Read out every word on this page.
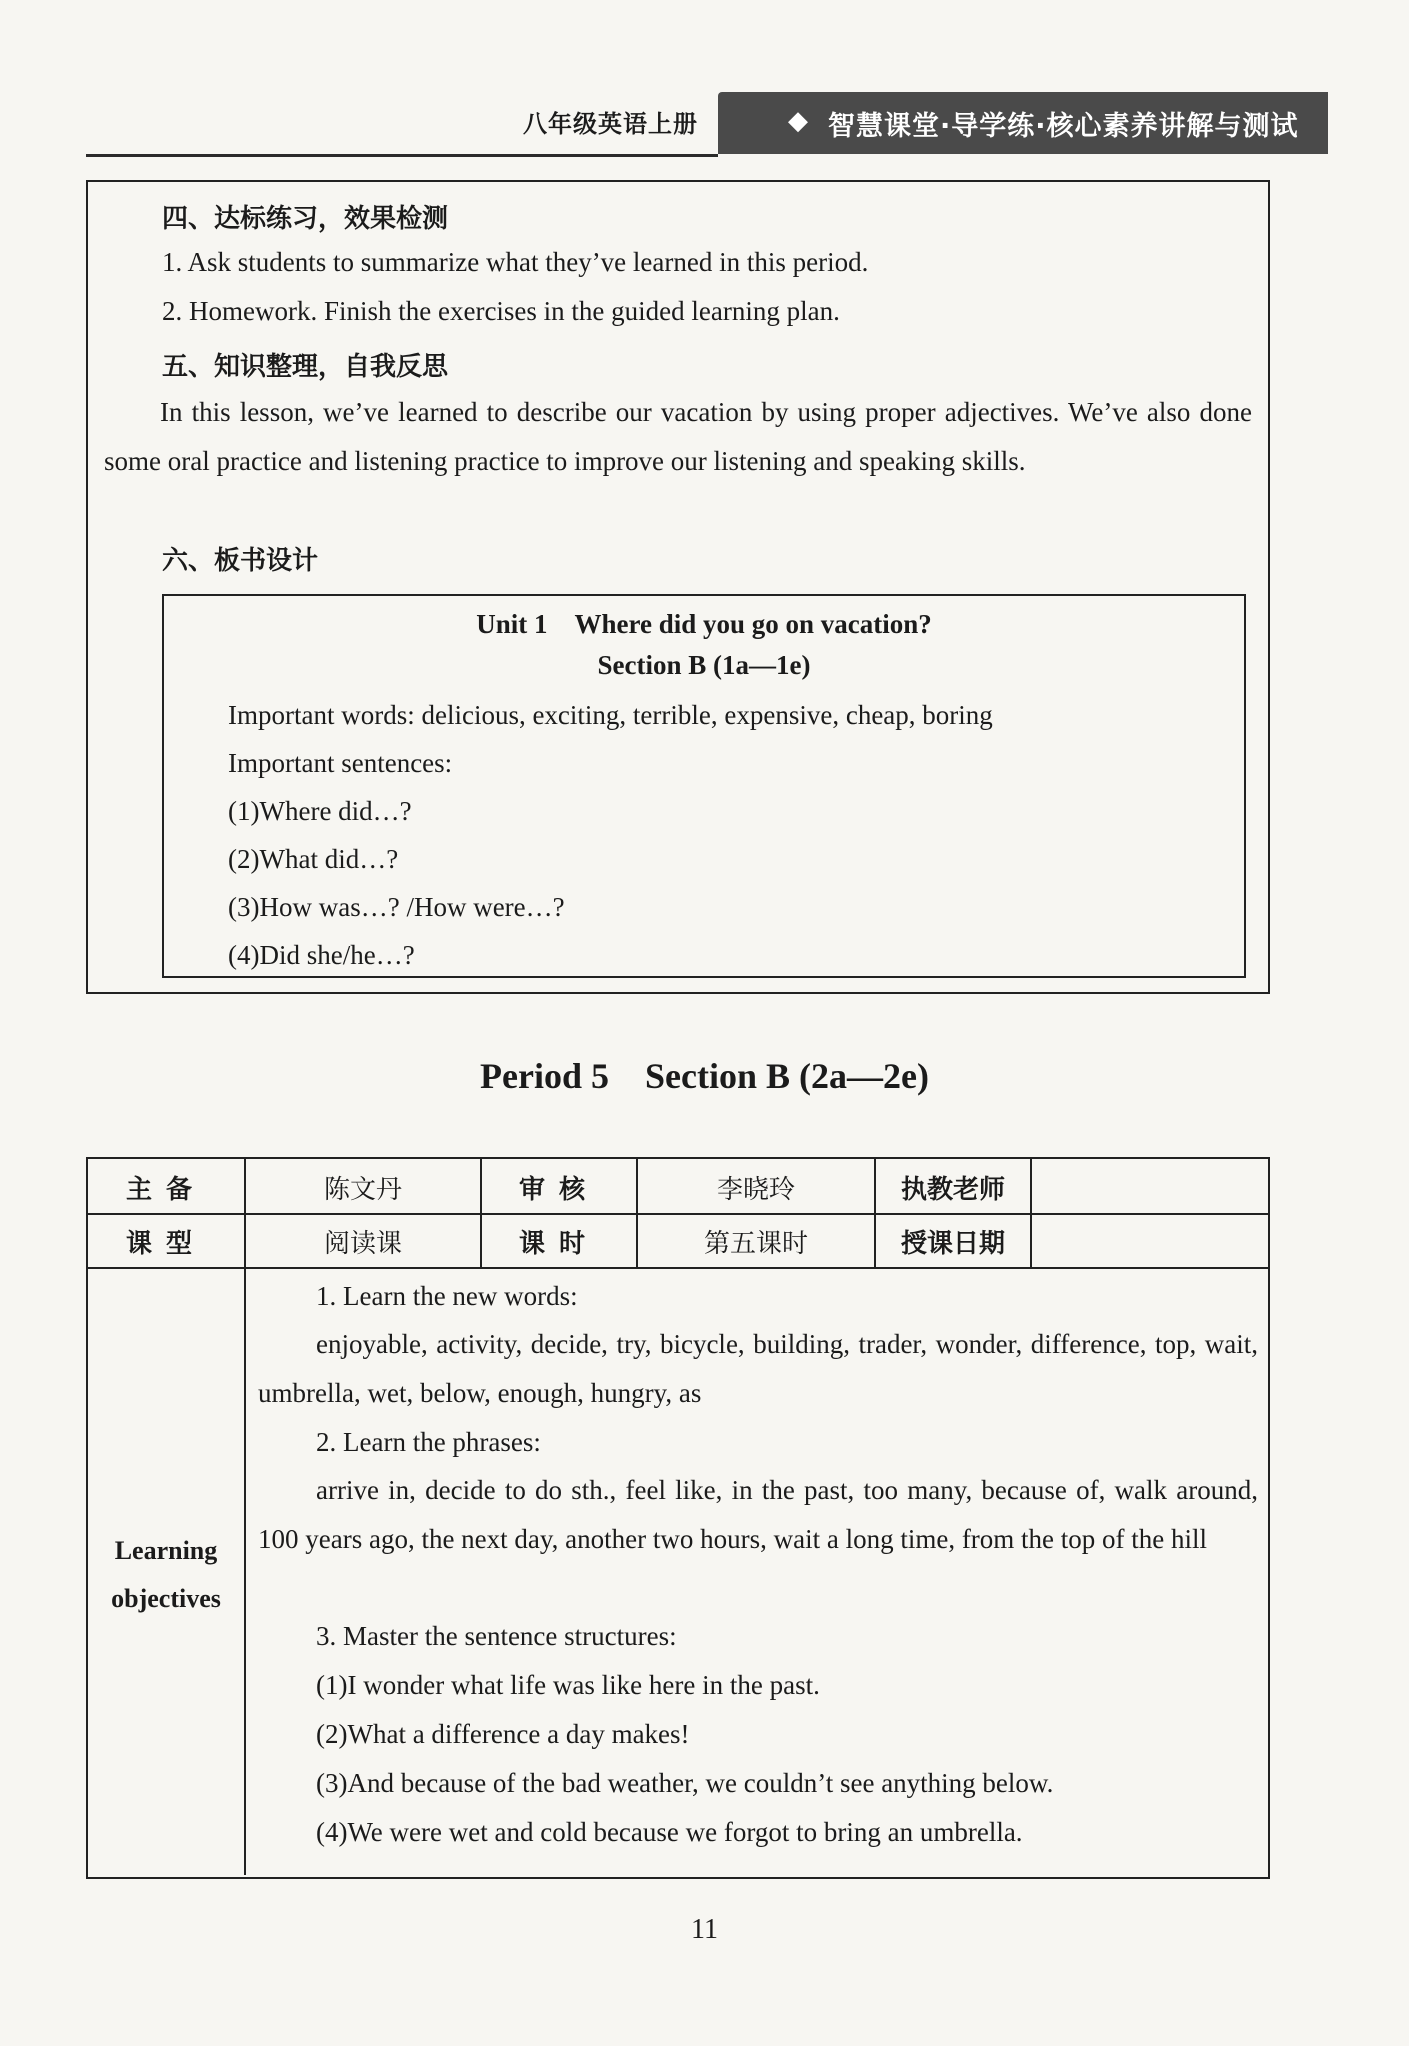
八年级英语上册	◆ 智慧课堂·导学练·核心素养讲解与测试
四、达标练习，效果检测
1. Ask students to summarize what they’ve learned in this period.
2. Homework. Finish the exercises in the guided learning plan.
五、知识整理，自我反思
In this lesson, we’ve learned to describe our vacation by using proper adjectives. We’ve also done some oral practice and listening practice to improve our listening and speaking skills.
六、板书设计
Unit 1　Where did you go on vacation?
Section B (1a—1e)
Important words: delicious, exciting, terrible, expensive, cheap, boring
Important sentences:
(1)Where did…?
(2)What did…?
(3)How was…? /How were…?
(4)Did she/he…?
Period 5　Section B (2a—2e)
主备	陈文丹	审核	李晓玲	执教老师
课型	阅读课	课时	第五课时	授课日期
Learning
objectives
1. Learn the new words:
enjoyable, activity, decide, try, bicycle, building, trader, wonder, difference, top, wait, umbrella, wet, below, enough, hungry, as
2. Learn the phrases:
arrive in, decide to do sth., feel like, in the past, too many, because of, walk around, 100 years ago, the next day, another two hours, wait a long time, from the top of the hill
3. Master the sentence structures:
(1)I wonder what life was like here in the past.
(2)What a difference a day makes!
(3)And because of the bad weather, we couldn’t see anything below.
(4)We were wet and cold because we forgot to bring an umbrella.
11
